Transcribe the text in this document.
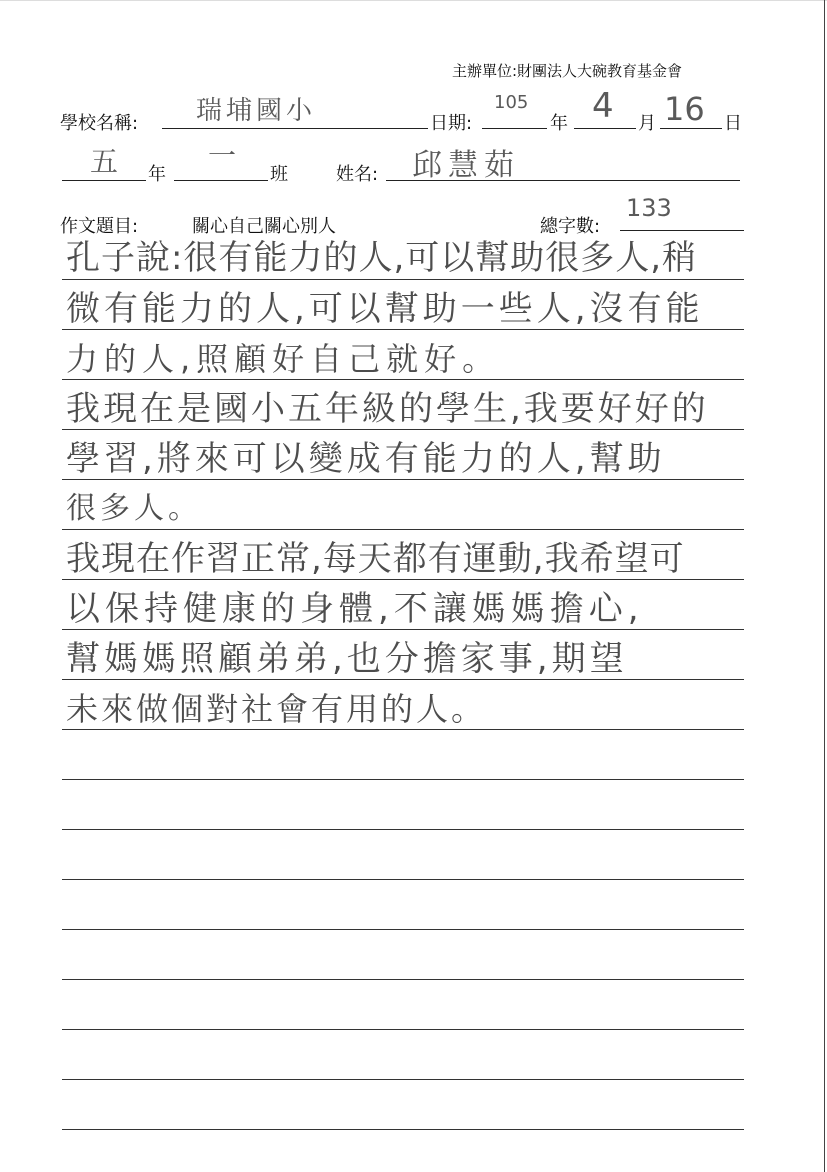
主辦單位:財團法人大碗教育基金會
學校名稱: 瑞埔國小	日期:
105
年 4 月 16 日
五 年
一
班	姓名: 邱慧茹
作文題目:	關心自己關心別人	總字數:
133
孔子說:很有能力的人,可以幫助很多人,稍
微有能力的人,可以幫助一些人,沒有能
力的人,照顧好自己就好。
我現在是國小五年級的學生,我要好好的
學習,將來可以變成有能力的人,幫助
很多人。
我現在作習正常,每天都有運動,我希望可
以保持健康的身體,不讓媽媽擔心,
幫媽媽照顧弟弟,也分擔家事,期望
未來做個對社會有用的人。
